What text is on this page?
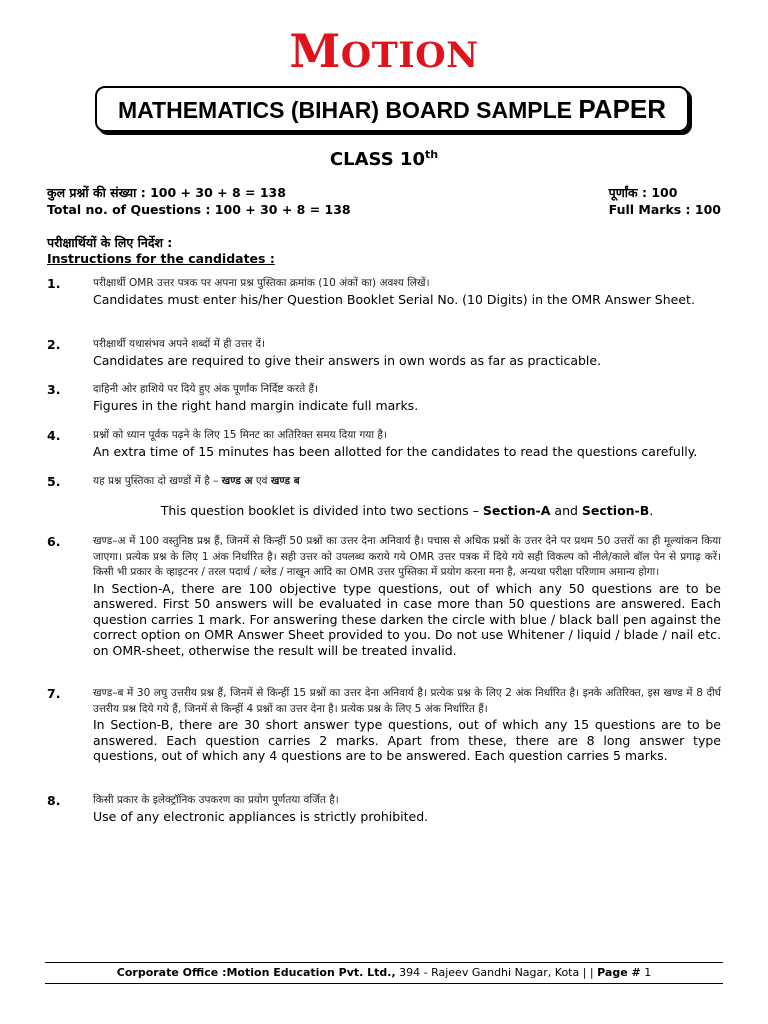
MOTION
MATHEMATICS (BIHAR) BOARD SAMPLE PAPER
CLASS 10th
कुल प्रश्नों की संख्या : 100 + 30 + 8 = 138
Total no. of Questions : 100 + 30 + 8 = 138
पूर्णांक : 100
Full Marks : 100
परीक्षार्थियों के लिए निर्देश :
Instructions for the candidates :
1.	परीक्षार्थी OMR उत्तर पत्रक पर अपना प्रश्न पुस्तिका क्रमांक (10 अंकों का) अवश्य लिखें।
Candidates must enter his/her Question Booklet Serial No. (10 Digits) in the OMR Answer Sheet.
2.	परीक्षार्थी यथासंभव अपने शब्दों में ही उत्तर दें।
Candidates are required to give their answers in own words as far as practicable.
3.	दाहिनी ओर हाशिये पर दिये हुए अंक पूर्णांक निर्दिष्ट करते हैं।
Figures in the right hand margin indicate full marks.
4.	प्रश्नों को ध्यान पूर्वक पढ़ने के लिए 15 मिनट का अतिरिक्त समय दिया गया है।
An extra time of 15 minutes has been allotted for the candidates to read the questions carefully.
5.	यह प्रश्न पुस्तिका दो खण्डों में है – खण्ड अ एवं खण्ड ब
This question booklet is divided into two sections – Section-A and Section-B.
6.	खण्ड–अ में 100 वस्तुनिष्ठ प्रश्न हैं, जिनमें से किन्हीं 50 प्रश्नों का उत्तर देना अनिवार्य है। पचास से अधिक प्रश्नों के उत्तर देने पर प्रथम 50 उत्तरों का ही मूल्यांकन किया जाएगा। प्रत्येक प्रश्न के लिए 1 अंक निर्धारित है। सही उत्तर को उपलब्ध कराये गये OMR उत्तर पत्रक में दिये गये सही विकल्प को नीले/काले बॉल पेन से प्रगाढ़ करें। किसी भी प्रकार के व्हाइटनर / तरल पदार्थ / ब्लेड / नाखून आदि का OMR उत्तर पुस्तिका में प्रयोग करना मना है, अन्यथा परीक्षा परिणाम अमान्य होगा।
In Section-A, there are 100 objective type questions, out of which any 50 questions are to be answered. First 50 answers will be evaluated in case more than 50 questions are answered. Each question carries 1 mark. For answering these darken the circle with blue / black ball pen against the correct option on OMR Answer Sheet provided to you. Do not use Whitener / liquid / blade / nail etc. on OMR-sheet, otherwise the result will be treated invalid.
7.	खण्ड–ब में 30 लघु उत्तरीय प्रश्न हैं, जिनमें से किन्हीं 15 प्रश्नों का उत्तर देना अनिवार्य है। प्रत्येक प्रश्न के लिए 2 अंक निर्धारित है। इनके अतिरिक्त, इस खण्ड में 8 दीर्घ उत्तरीय प्रश्न दिये गये हैं, जिनमें से किन्हीं 4 प्रश्नों का उत्तर देना है। प्रत्येक प्रश्न के लिए 5 अंक निर्धारित हैं।
In Section-B, there are 30 short answer type questions, out of which any 15 questions are to be answered. Each question carries 2 marks. Apart from these, there are 8 long answer type questions, out of which any 4 questions are to be answered. Each question carries 5 marks.
8.	किसी प्रकार के इलेक्ट्रॉनिक उपकरण का प्रयोग पूर्णतया वर्जित है।
Use of any electronic appliances is strictly prohibited.
Corporate Office :Motion Education Pvt. Ltd., 394 - Rajeev Gandhi Nagar, Kota | | Page # 1
